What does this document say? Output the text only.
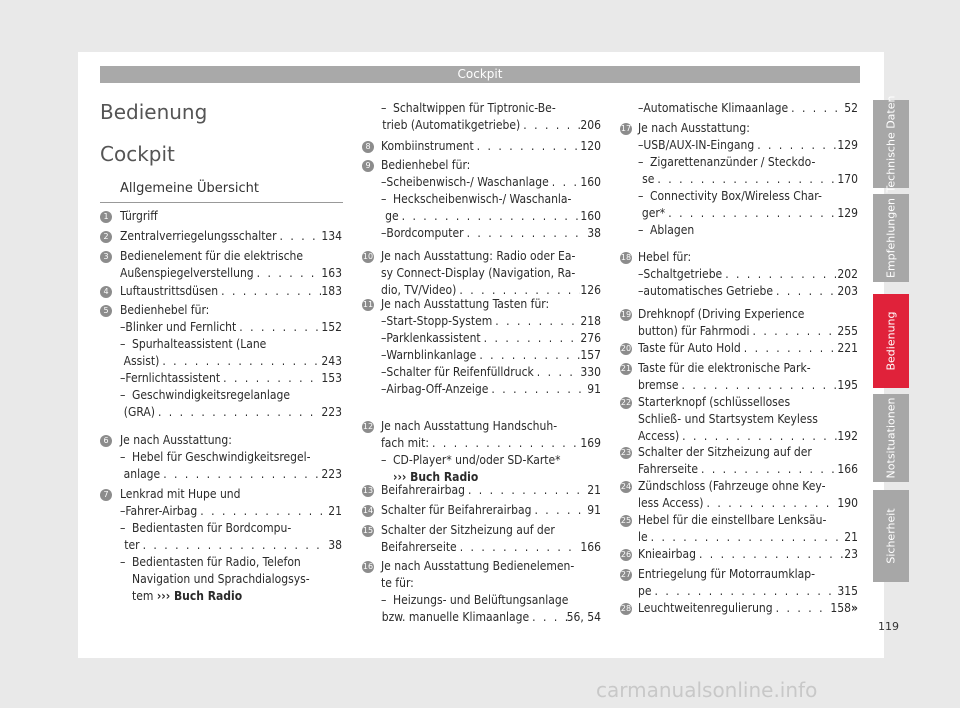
Cockpit
Bedienung
Cockpit
Allgemeine Übersicht
1 Türgriff
2 Zentralverriegelungsschalter . . .	134
3 Bedienelement für die elektrische
Außenspiegelverstellung . . .	163
4 Luftaustrittsdüsen . . .	183
5 Bedienhebel für:
– Blinker und Fernlicht . . .	152
– Spurhalteassistent (Lane
Assist) . . .	243
– Fernlichtassistent . . .	153
– Geschwindigkeitsregelanlage
(GRA) . . .	223
6 Je nach Ausstattung:
– Hebel für Geschwindigkeitsregel-
anlage . . .	223
7 Lenkrad mit Hupe und
– Fahrer-Airbag . . .	21
– Bedientasten für Bordcompu-
ter . . .	38
– Bedientasten für Radio, Telefon
Navigation und Sprachdialogsys-
tem
››› Buch Radio
– Schaltwippen für Tiptronic-Be-
trieb (Automatikgetriebe) . . .	206
8 Kombiinstrument . . .	120
9 Bedienhebel für:
– Scheibenwisch-/ Waschanlage . . .	160
– Heckscheibenwisch-/ Waschanla-
ge . . .	160
– Bordcomputer . . .	38
10 Je nach Ausstattung: Radio oder Ea-
sy Connect-Display (Navigation, Ra-
dio, TV/Video) . . .	126
11 Je nach Ausstattung Tasten für:
– Start-Stopp-System . . .	218
– Parklenkassistent . . .	276
– Warnblinkanlage . . .	157
– Schalter für Reifenfülldruck . . .	330
– Airbag-Off-Anzeige . . .	91
12 Je nach Ausstattung Handschuh-
fach mit: . . .	169
– CD-Player* und/oder SD-Karte*
››› Buch Radio
13 Beifahrerairbag . . .	21
14 Schalter für Beifahrerairbag . . .	91
15 Schalter der Sitzheizung auf der
Beifahrerseite . . .	166
16 Je nach Ausstattung Bedienelemen-
te für:
– Heizungs- und Belüftungsanlage
bzw. manuelle Klimaanlage . . .	56, 54
– Automatische Klimaanlage . . .	52
17 Je nach Ausstattung:
– USB/AUX-IN-Eingang . . .	129
– Zigarettenanzünder / Steckdo-
se . . .	170
– Connectivity Box/Wireless Char-
ger* . . .	129
– Ablagen
18 Hebel für:
– Schaltgetriebe . . .	202
– automatisches Getriebe . . .	203
19 Drehknopf (Driving Experience
button) für Fahrmodi . . .	255
20 Taste für Auto Hold . . .	221
21 Taste für die elektronische Park-
bremse . . .	195
22 Starterknopf (schlüsselloses
Schließ- und Startsystem Keyless
Access) . . .	192
23 Schalter der Sitzheizung auf der
Fahrerseite . . .	166
24 Zündschloss (Fahrzeuge ohne Key-
less Access) . . .	190
25 Hebel für die einstellbare Lenksäu-
le . . .	21
26 Knieairbag . . .	23
27 Entriegelung für Motorraumklap-
pe . . .	315
28 Leuchtweitenregulierung . . .	158 »
Technische Daten
Empfehlungen
Bedienung
Notsituationen
Sicherheit
119
carmanualsonline.info
